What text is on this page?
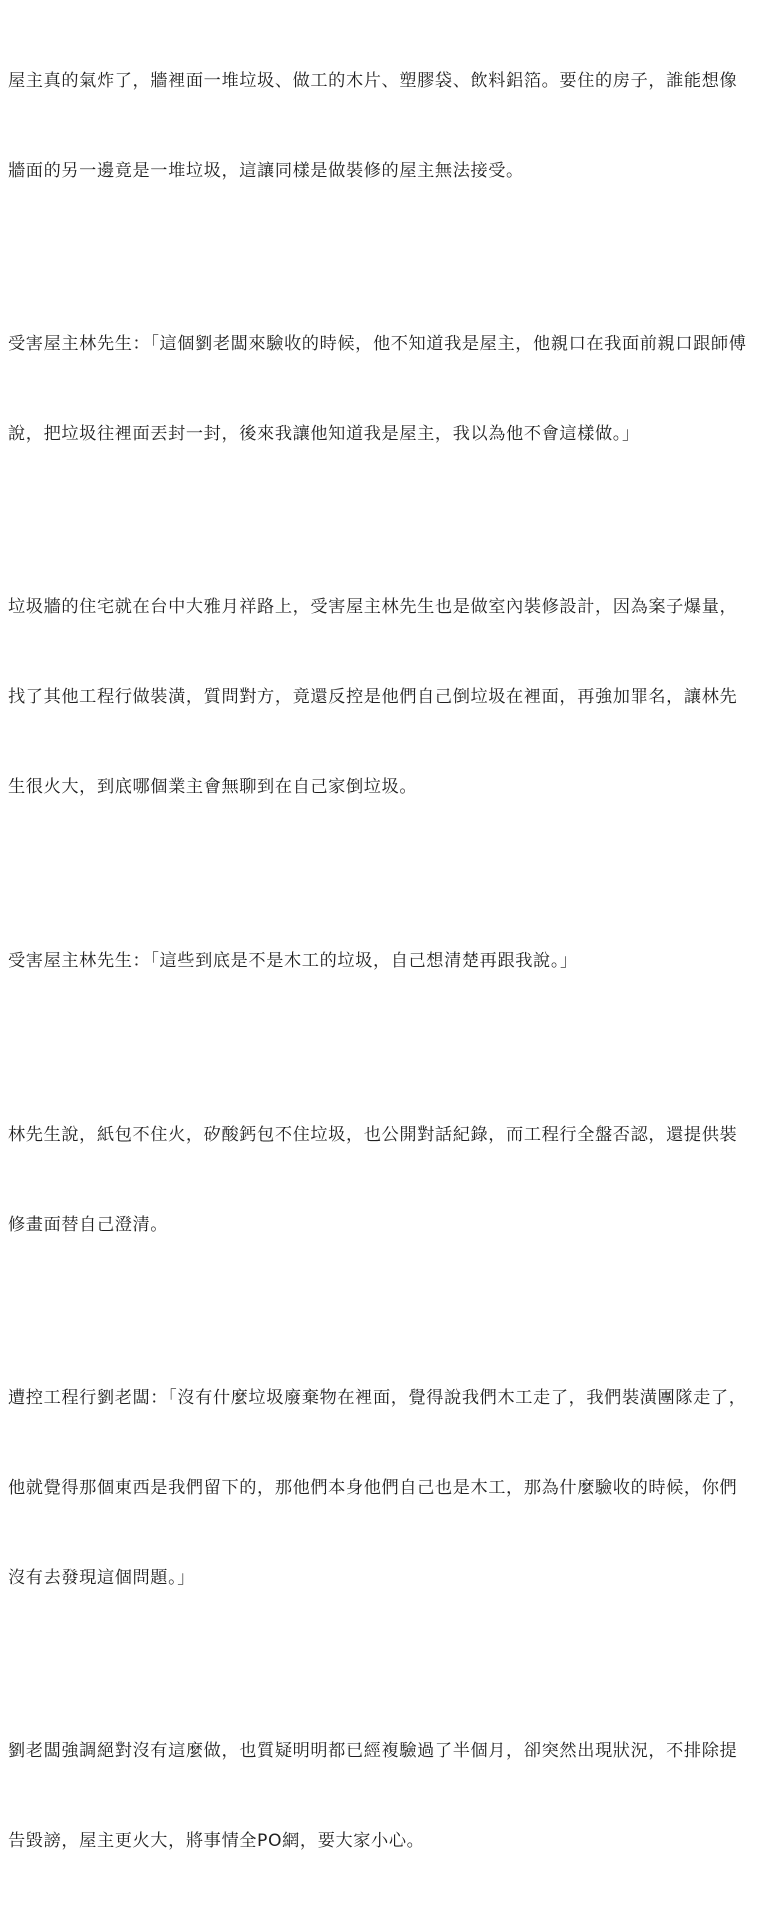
屋主真的氣炸了，牆裡面一堆垃圾、做工的木片、塑膠袋、飲料鋁箔。要住的房子，誰能想像

牆面的另一邊竟是一堆垃圾，這讓同樣是做裝修的屋主無法接受。

受害屋主林先生：「這個劉老闆來驗收的時候，他不知道我是屋主，他親口在我面前親口跟師傅

說，把垃圾往裡面丟封一封，後來我讓他知道我是屋主，我以為他不會這樣做。」

垃圾牆的住宅就在台中大雅月祥路上，受害屋主林先生也是做室內裝修設計，因為案子爆量，

找了其他工程行做裝潢，質問對方，竟還反控是他們自己倒垃圾在裡面，再強加罪名，讓林先

生很火大，到底哪個業主會無聊到在自己家倒垃圾。

受害屋主林先生：「這些到底是不是木工的垃圾，自己想清楚再跟我說。」

林先生說，紙包不住火，矽酸鈣包不住垃圾，也公開對話紀錄，而工程行全盤否認，還提供裝

修畫面替自己澄清。

遭控工程行劉老闆：「沒有什麼垃圾廢棄物在裡面，覺得說我們木工走了，我們裝潢團隊走了，

他就覺得那個東西是我們留下的，那他們本身他們自己也是木工，那為什麼驗收的時候，你們

沒有去發現這個問題。」

劉老闆強調絕對沒有這麼做，也質疑明明都已經複驗過了半個月，卻突然出現狀況，不排除提

告毀謗，屋主更火大，將事情全PO網，要大家小心。
